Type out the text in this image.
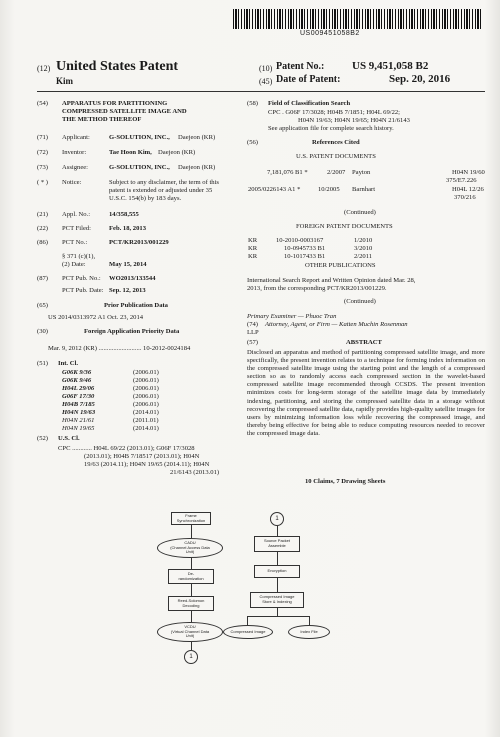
US009451058B2
(12) United States Patent
Kim
(10) Patent No.:	US 9,451,058 B2
(45) Date of Patent:	Sep. 20, 2016
(54) APPARATUS FOR PARTITIONING
COMPRESSED SATELLITE IMAGE AND
THE METHOD THEREOF
(71) Applicant:	G-SOLUTION, INC., Daejeon (KR)
(72) Inventor:	Tae Hoon Kim, Daejeon (KR)
(73) Assignee:	G-SOLUTION, INC., Daejeon (KR)
( * ) Notice:	Subject to any disclaimer, the term of this
patent is extended or adjusted under 35
U.S.C. 154(b) by 183 days.
(21) Appl. No.:	14/358,555
(22) PCT Filed:	Feb. 18, 2013
(86) PCT No.:	PCT/KR2013/001229
§ 371 (c)(1),
(2) Date:	May 15, 2014
(87) PCT Pub. No.: WO2013/133544
PCT Pub. Date: Sep. 12, 2013
(65)	Prior Publication Data
US 2014/0313972 A1 Oct. 23, 2014
(30)	Foreign Application Priority Data
Mar. 9, 2012 (KR) .......................... 10-2012-0024184
(51) Int. Cl.
G06K 9/36	(2006.01)
G06K 9/46	(2006.01)
H04L 29/06	(2006.01)
G06F 17/30	(2006.01)
H04B 7/185	(2006.01)
H04N 19/63	(2014.01)
H04N 21/61	(2011.01)
H04N 19/65	(2014.01)
(52) U.S. Cl.
CPC ............ H04L 69/22 (2013.01); G06F 17/3028
(2013.01); H04B 7/18517 (2013.01); H04N
19/63 (2014.11); H04N 19/65 (2014.11); H04N
21/6143 (2013.01)
(58) Field of Classification Search
CPC . G06F 17/3028; H04B 7/1851; H04L 69/22;
H04N 19/63; H04N 19/65; H04N 21/6143
See application file for complete search history.
(56)	References Cited
U.S. PATENT DOCUMENTS
7,181,076 B1 *	2/2007 Payton	H04N 19/60
375/E7.226
2005/0226143 A1 *	10/2005 Barnhart	H04L 12/26
370/216
(Continued)
FOREIGN PATENT DOCUMENTS
KR	10-2010-0003167	1/2010
KR	10-0945733 B1	3/2010
KR	10-1017433 B1	2/2011
OTHER PUBLICATIONS
International Search Report and Written Opinion dated Mar. 28,
2013, from the corresponding PCT/KR2013/001229.
(Continued)
Primary Examiner — Phuoc Tran
(74) Attorney, Agent, or Firm — Katten Muchin Rosenman
LLP
(57)	ABSTRACT
Disclosed an apparatus and method of partitioning compressed satellite image, and more specifically, the present invention relates to a technique for forming index information on the compressed satellite image using the starting point and the length of a compressed section so as to randomly access each compressed section in the wavelet-based compressed satellite image recommended through CCSDS. The present invention minimizes costs for long-term storage of the satellite image data by immediately indexing, partitioning, and storing the compressed satellite data in a storage without recovering the compressed satellite data, rapidly provides high-quality satellite images for users by minimizing information loss while recovering the compressed image, and thereby being effective for being able to reduce computing resources needed to recover the compressed image data.
10 Claims, 7 Drawing Sheets
Frame
Synchronization
CADU
(Channel Access Data
Unit)
De-
randomization
Reed-Solomon
Decoding
VCDU
(Virtual Channel Data
Unit)
1
1
Source Packet
Assemble
Encryption
Compressed Image
Store & Indexing
Compressed Image	Index File
